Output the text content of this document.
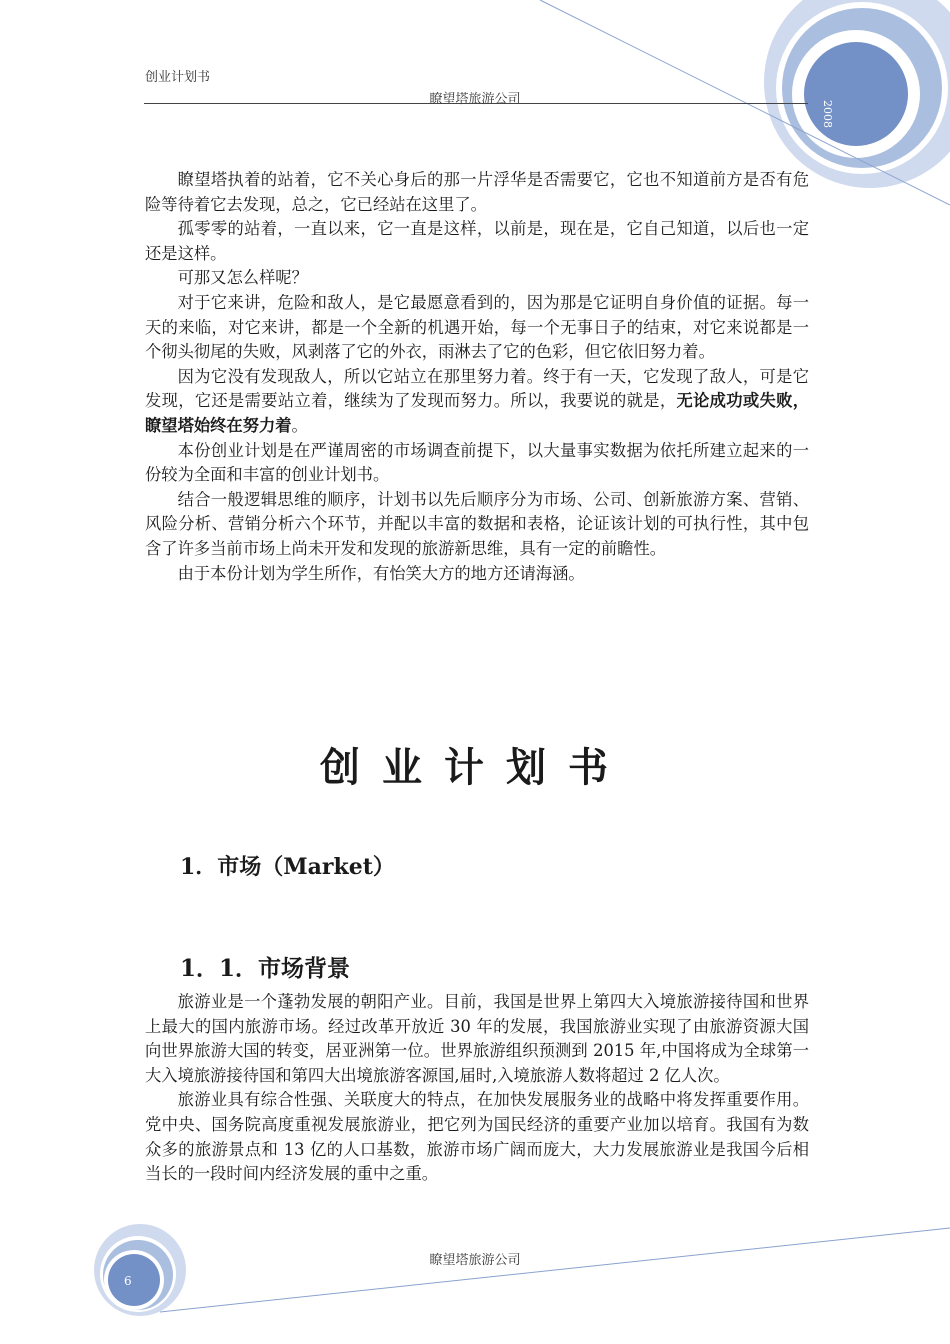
创业计划书
瞭望塔旅游公司
2008

瞭望塔执着的站着，它不关心身后的那一片浮华是否需要它，它也不知道前方是否有危险等待着它去发现，总之，它已经站在这里了。

孤零零的站着，一直以来，它一直是这样，以前是，现在是，它自己知道，以后也一定还是这样。

可那又怎么样呢？

对于它来讲，危险和敌人，是它最愿意看到的，因为那是它证明自身价值的证据。每一天的来临，对它来讲，都是一个全新的机遇开始，每一个无事日子的结束，对它来说都是一个彻头彻尾的失败，风剥落了它的外衣，雨淋去了它的色彩，但它依旧努力着。

因为它没有发现敌人，所以它站立在那里努力着。终于有一天，它发现了敌人，可是它发现，它还是需要站立着，继续为了发现而努力。所以，我要说的就是，无论成功或失败，瞭望塔始终在努力着。

本份创业计划是在严谨周密的市场调查前提下，以大量事实数据为依托所建立起来的一份较为全面和丰富的创业计划书。

结合一般逻辑思维的顺序，计划书以先后顺序分为市场、公司、创新旅游方案、营销、风险分析、营销分析六个环节，并配以丰富的数据和表格，论证该计划的可执行性，其中包含了许多当前市场上尚未开发和发现的旅游新思维，具有一定的前瞻性。

由于本份计划为学生所作，有怡笑大方的地方还请海涵。

创业计划书
1．市场（Market）
1．1．市场背景

旅游业是一个蓬勃发展的朝阳产业。目前，我国是世界上第四大入境旅游接待国和世界上最大的国内旅游市场。经过改革开放近 30 年的发展，我国旅游业实现了由旅游资源大国向世界旅游大国的转变，居亚洲第一位。世界旅游组织预测到 2015 年,中国将成为全球第一大入境旅游接待国和第四大出境旅游客源国,届时,入境旅游人数将超过 2 亿人次。

旅游业具有综合性强、关联度大的特点，在加快发展服务业的战略中将发挥重要作用。党中央、国务院高度重视发展旅游业，把它列为国民经济的重要产业加以培育。我国有为数众多的旅游景点和 13 亿的人口基数，旅游市场广阔而庞大，大力发展旅游业是我国今后相当长的一段时间内经济发展的重中之重。

瞭望塔旅游公司
6
